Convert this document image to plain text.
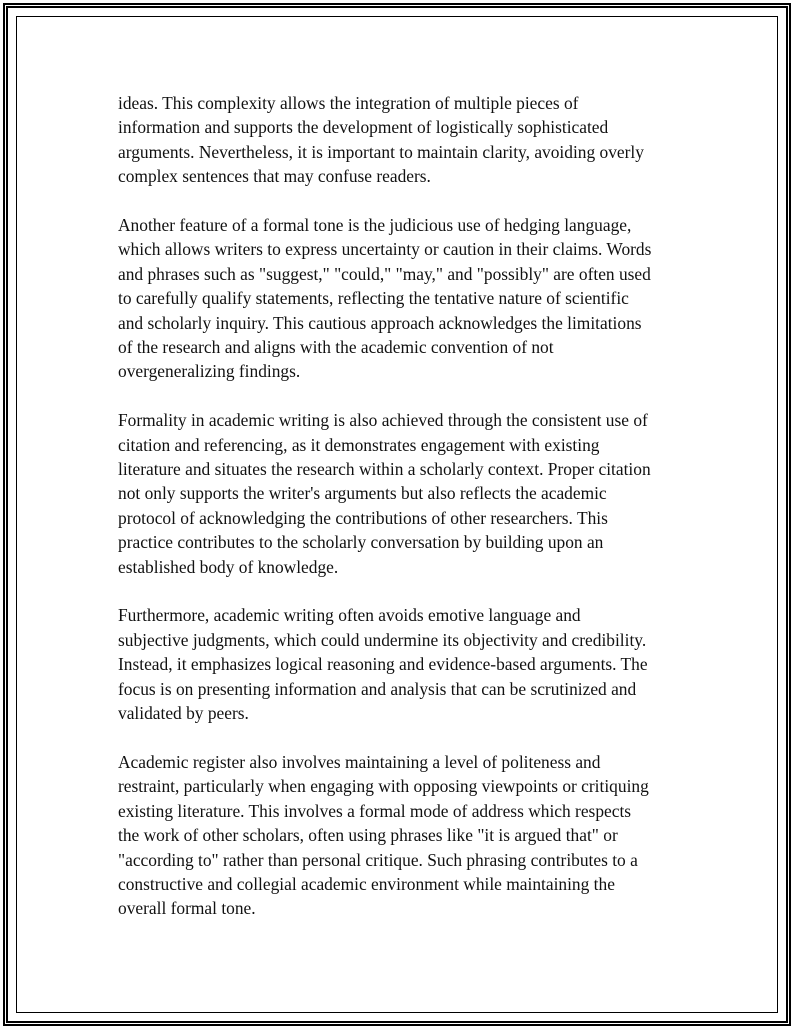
ideas. This complexity allows the integration of multiple pieces of
information and supports the development of logistically sophisticated
arguments. Nevertheless, it is important to maintain clarity, avoiding overly
complex sentences that may confuse readers.

Another feature of a formal tone is the judicious use of hedging language,
which allows writers to express uncertainty or caution in their claims. Words
and phrases such as "suggest," "could," "may," and "possibly" are often used
to carefully qualify statements, reflecting the tentative nature of scientific
and scholarly inquiry. This cautious approach acknowledges the limitations
of the research and aligns with the academic convention of not
overgeneralizing findings.

Formality in academic writing is also achieved through the consistent use of
citation and referencing, as it demonstrates engagement with existing
literature and situates the research within a scholarly context. Proper citation
not only supports the writer's arguments but also reflects the academic
protocol of acknowledging the contributions of other researchers. This
practice contributes to the scholarly conversation by building upon an
established body of knowledge.

Furthermore, academic writing often avoids emotive language and
subjective judgments, which could undermine its objectivity and credibility.
Instead, it emphasizes logical reasoning and evidence-based arguments. The
focus is on presenting information and analysis that can be scrutinized and
validated by peers.

Academic register also involves maintaining a level of politeness and
restraint, particularly when engaging with opposing viewpoints or critiquing
existing literature. This involves a formal mode of address which respects
the work of other scholars, often using phrases like "it is argued that" or
"according to" rather than personal critique. Such phrasing contributes to a
constructive and collegial academic environment while maintaining the
overall formal tone.
